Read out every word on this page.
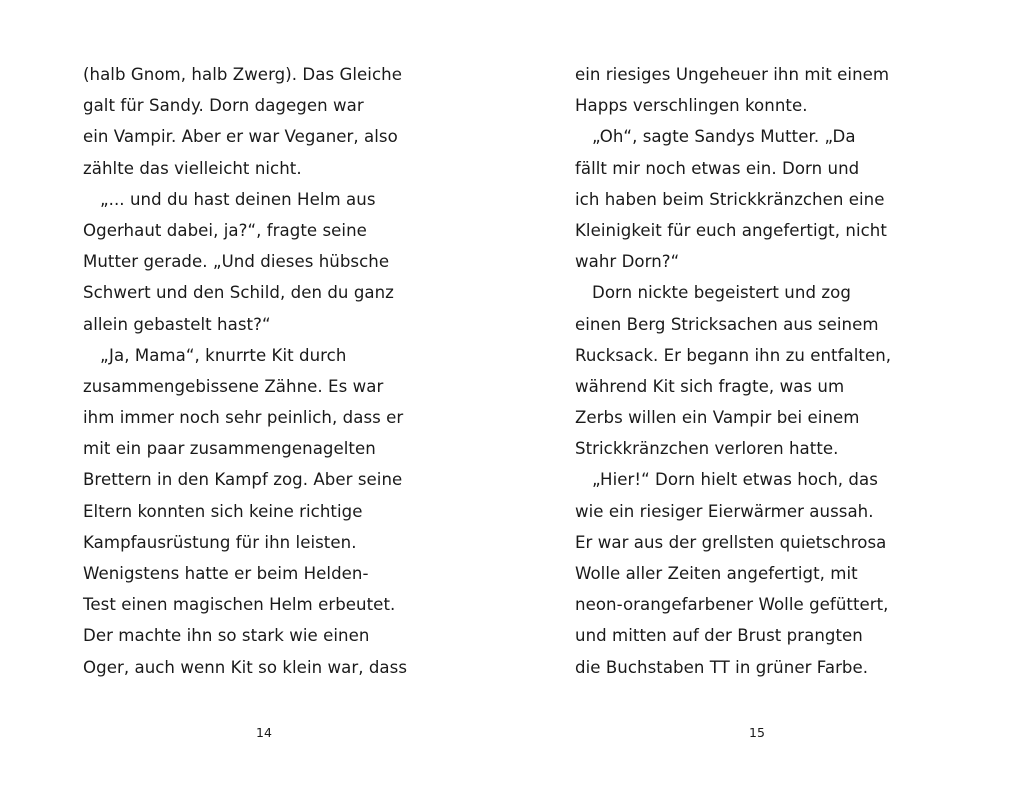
(halb Gnom, halb Zwerg). Das Gleiche
galt für Sandy. Dorn dagegen war
ein Vampir. Aber er war Veganer, also
zählte das vielleicht nicht.
„... und du hast deinen Helm aus
Ogerhaut dabei, ja?“, fragte seine
Mutter gerade. „Und dieses hübsche
Schwert und den Schild, den du ganz
allein gebastelt hast?“
„Ja, Mama“, knurrte Kit durch
zusammengebissene Zähne. Es war
ihm immer noch sehr peinlich, dass er
mit ein paar zusammengenagelten
Brettern in den Kampf zog. Aber seine
Eltern konnten sich keine richtige
Kampfausrüstung für ihn leisten.
Wenigstens hatte er beim Helden-
Test einen magischen Helm erbeutet.
Der machte ihn so stark wie einen
Oger, auch wenn Kit so klein war, dass
14
ein riesiges Ungeheuer ihn mit einem
Happs verschlingen konnte.
„Oh“, sagte Sandys Mutter. „Da
fällt mir noch etwas ein. Dorn und
ich haben beim Strickkränzchen eine
Kleinigkeit für euch angefertigt, nicht
wahr Dorn?“
Dorn nickte begeistert und zog
einen Berg Stricksachen aus seinem
Rucksack. Er begann ihn zu entfalten,
während Kit sich fragte, was um
Zerbs willen ein Vampir bei einem
Strickkränzchen verloren hatte.
„Hier!“ Dorn hielt etwas hoch, das
wie ein riesiger Eierwärmer aussah.
Er war aus der grellsten quietschrosa
Wolle aller Zeiten angefertigt, mit
neon-orangefarbener Wolle gefüttert,
und mitten auf der Brust prangten
die Buchstaben TT in grüner Farbe.
15
